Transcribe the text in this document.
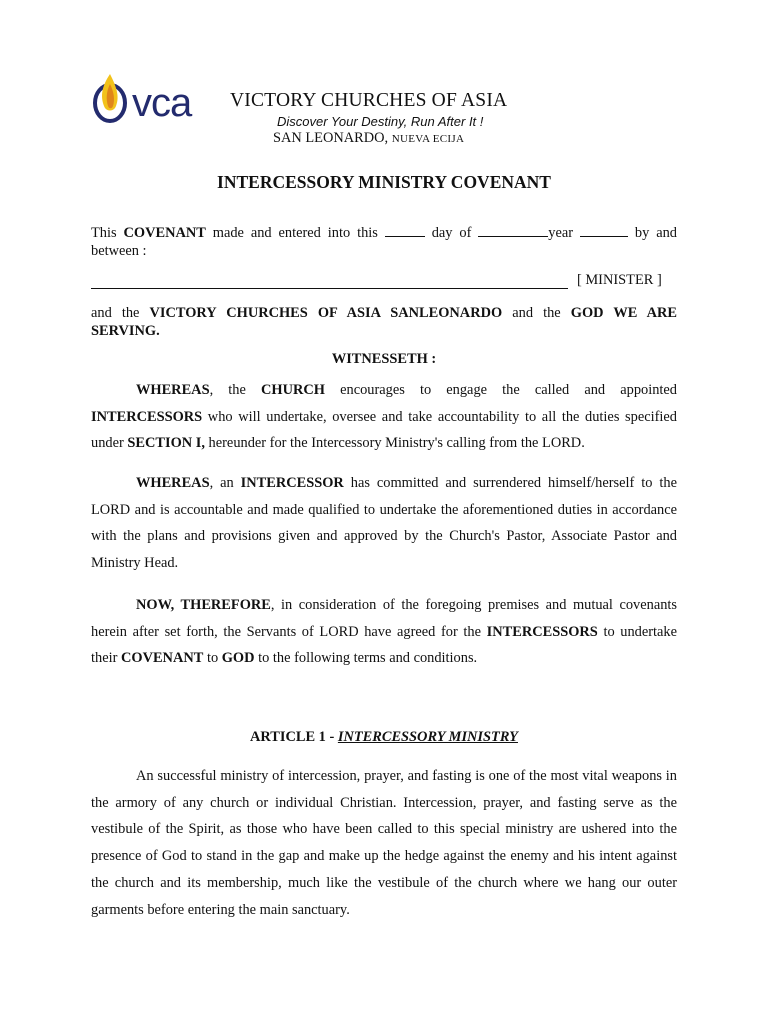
vca VICTORY CHURCHES OF ASIA
Discover Your Destiny, Run After It !
SAN LEONARDO, NUEVA ECIJA
INTERCESSORY MINISTRY COVENANT

This COVENANT made and entered into this	day of	year	by and between :

[ MINISTER ]

and the VICTORY CHURCHES OF ASIA SANLEONARDO and the GOD WE ARE SERVING.

WITNESSETH :

WHEREAS, the CHURCH encourages to engage the called and appointed INTERCESSORS who will undertake, oversee and take accountability to all the duties specified under SECTION I, hereunder for the Intercessory Ministry's calling from the LORD.

WHEREAS, an INTERCESSOR has committed and surrendered himself/herself to the LORD and is accountable and made qualified to undertake the aforementioned duties in accordance with the plans and provisions given and approved by the Church's Pastor, Associate Pastor and Ministry Head.

NOW, THEREFORE, in consideration of the foregoing premises and mutual covenants herein after set forth, the Servants of LORD have agreed for the INTERCESSORS to undertake their COVENANT to GOD to the following terms and conditions.

ARTICLE 1 - INTERCESSORY MINISTRY

An successful ministry of intercession, prayer, and fasting is one of the most vital weapons in the armory of any church or individual Christian. Intercession, prayer, and fasting serve as the vestibule of the Spirit, as those who have been called to this special ministry are ushered into the presence of God to stand in the gap and make up the hedge against the enemy and his intent against the church and its membership, much like the vestibule of the church where we hang our outer garments before entering the main sanctuary.
